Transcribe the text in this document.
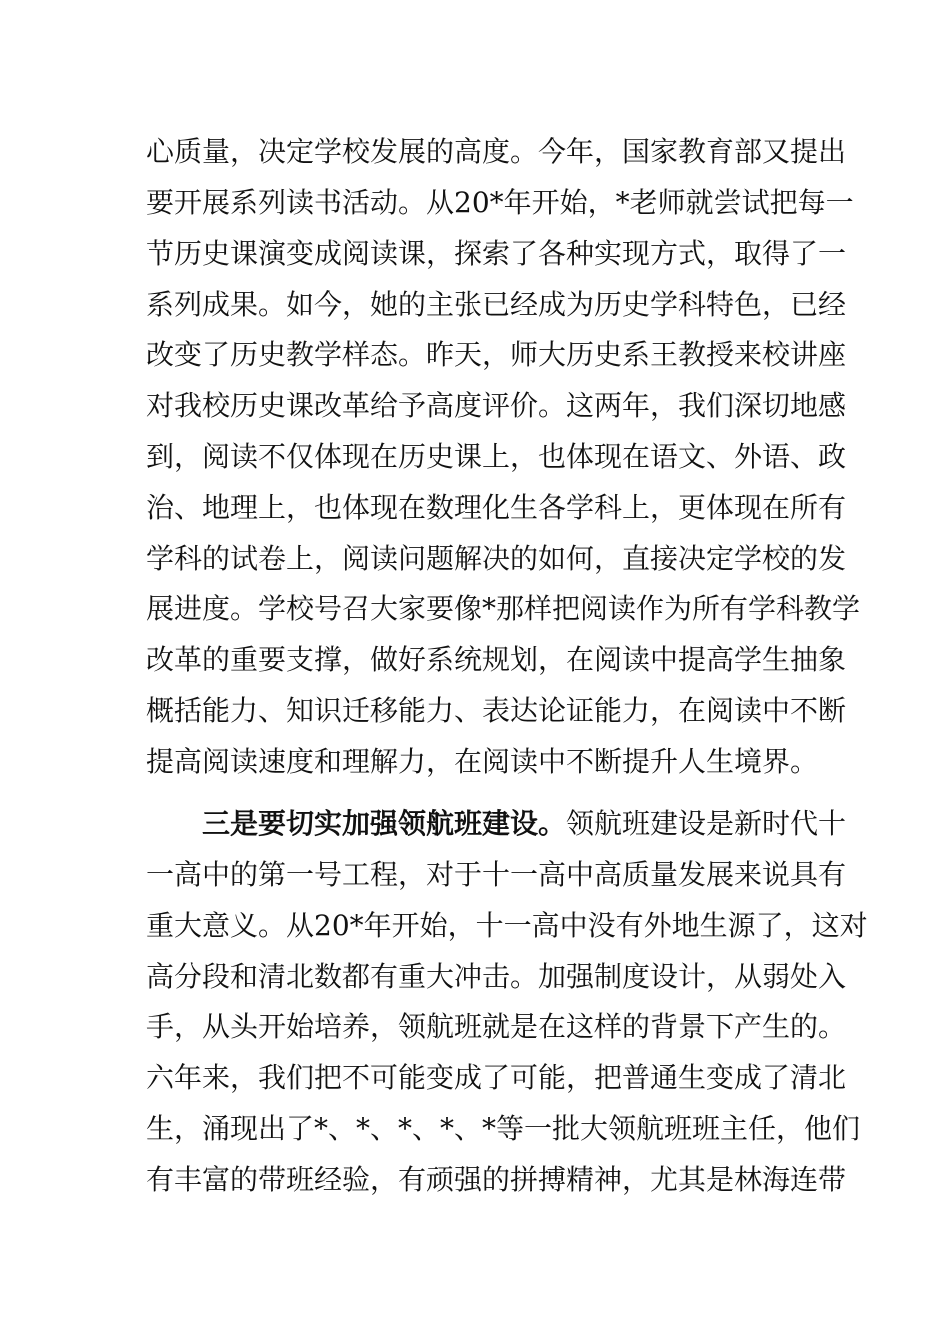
心质量，决定学校发展的高度。今年，国家教育部又提出
要开展系列读书活动。从20*年开始，*老师就尝试把每一
节历史课演变成阅读课，探索了各种实现方式，取得了一
系列成果。如今，她的主张已经成为历史学科特色，已经
改变了历史教学样态。昨天，师大历史系王教授来校讲座
对我校历史课改革给予高度评价。这两年，我们深切地感
到，阅读不仅体现在历史课上，也体现在语文、外语、政
治、地理上，也体现在数理化生各学科上，更体现在所有
学科的试卷上，阅读问题解决的如何，直接决定学校的发
展进度。学校号召大家要像*那样把阅读作为所有学科教学
改革的重要支撑，做好系统规划，在阅读中提高学生抽象
概括能力、知识迁移能力、表达论证能力，在阅读中不断
提高阅读速度和理解力，在阅读中不断提升人生境界。
三是要切实加强领航班建设。领航班建设是新时代十
一高中的第一号工程，对于十一高中高质量发展来说具有
重大意义。从20*年开始，十一高中没有外地生源了，这对
高分段和清北数都有重大冲击。加强制度设计，从弱处入
手，从头开始培养，领航班就是在这样的背景下产生的。
六年来，我们把不可能变成了可能，把普通生变成了清北
生，涌现出了*、*、*、*、*等一批大领航班班主任，他们
有丰富的带班经验，有顽强的拼搏精神，尤其是林海连带
